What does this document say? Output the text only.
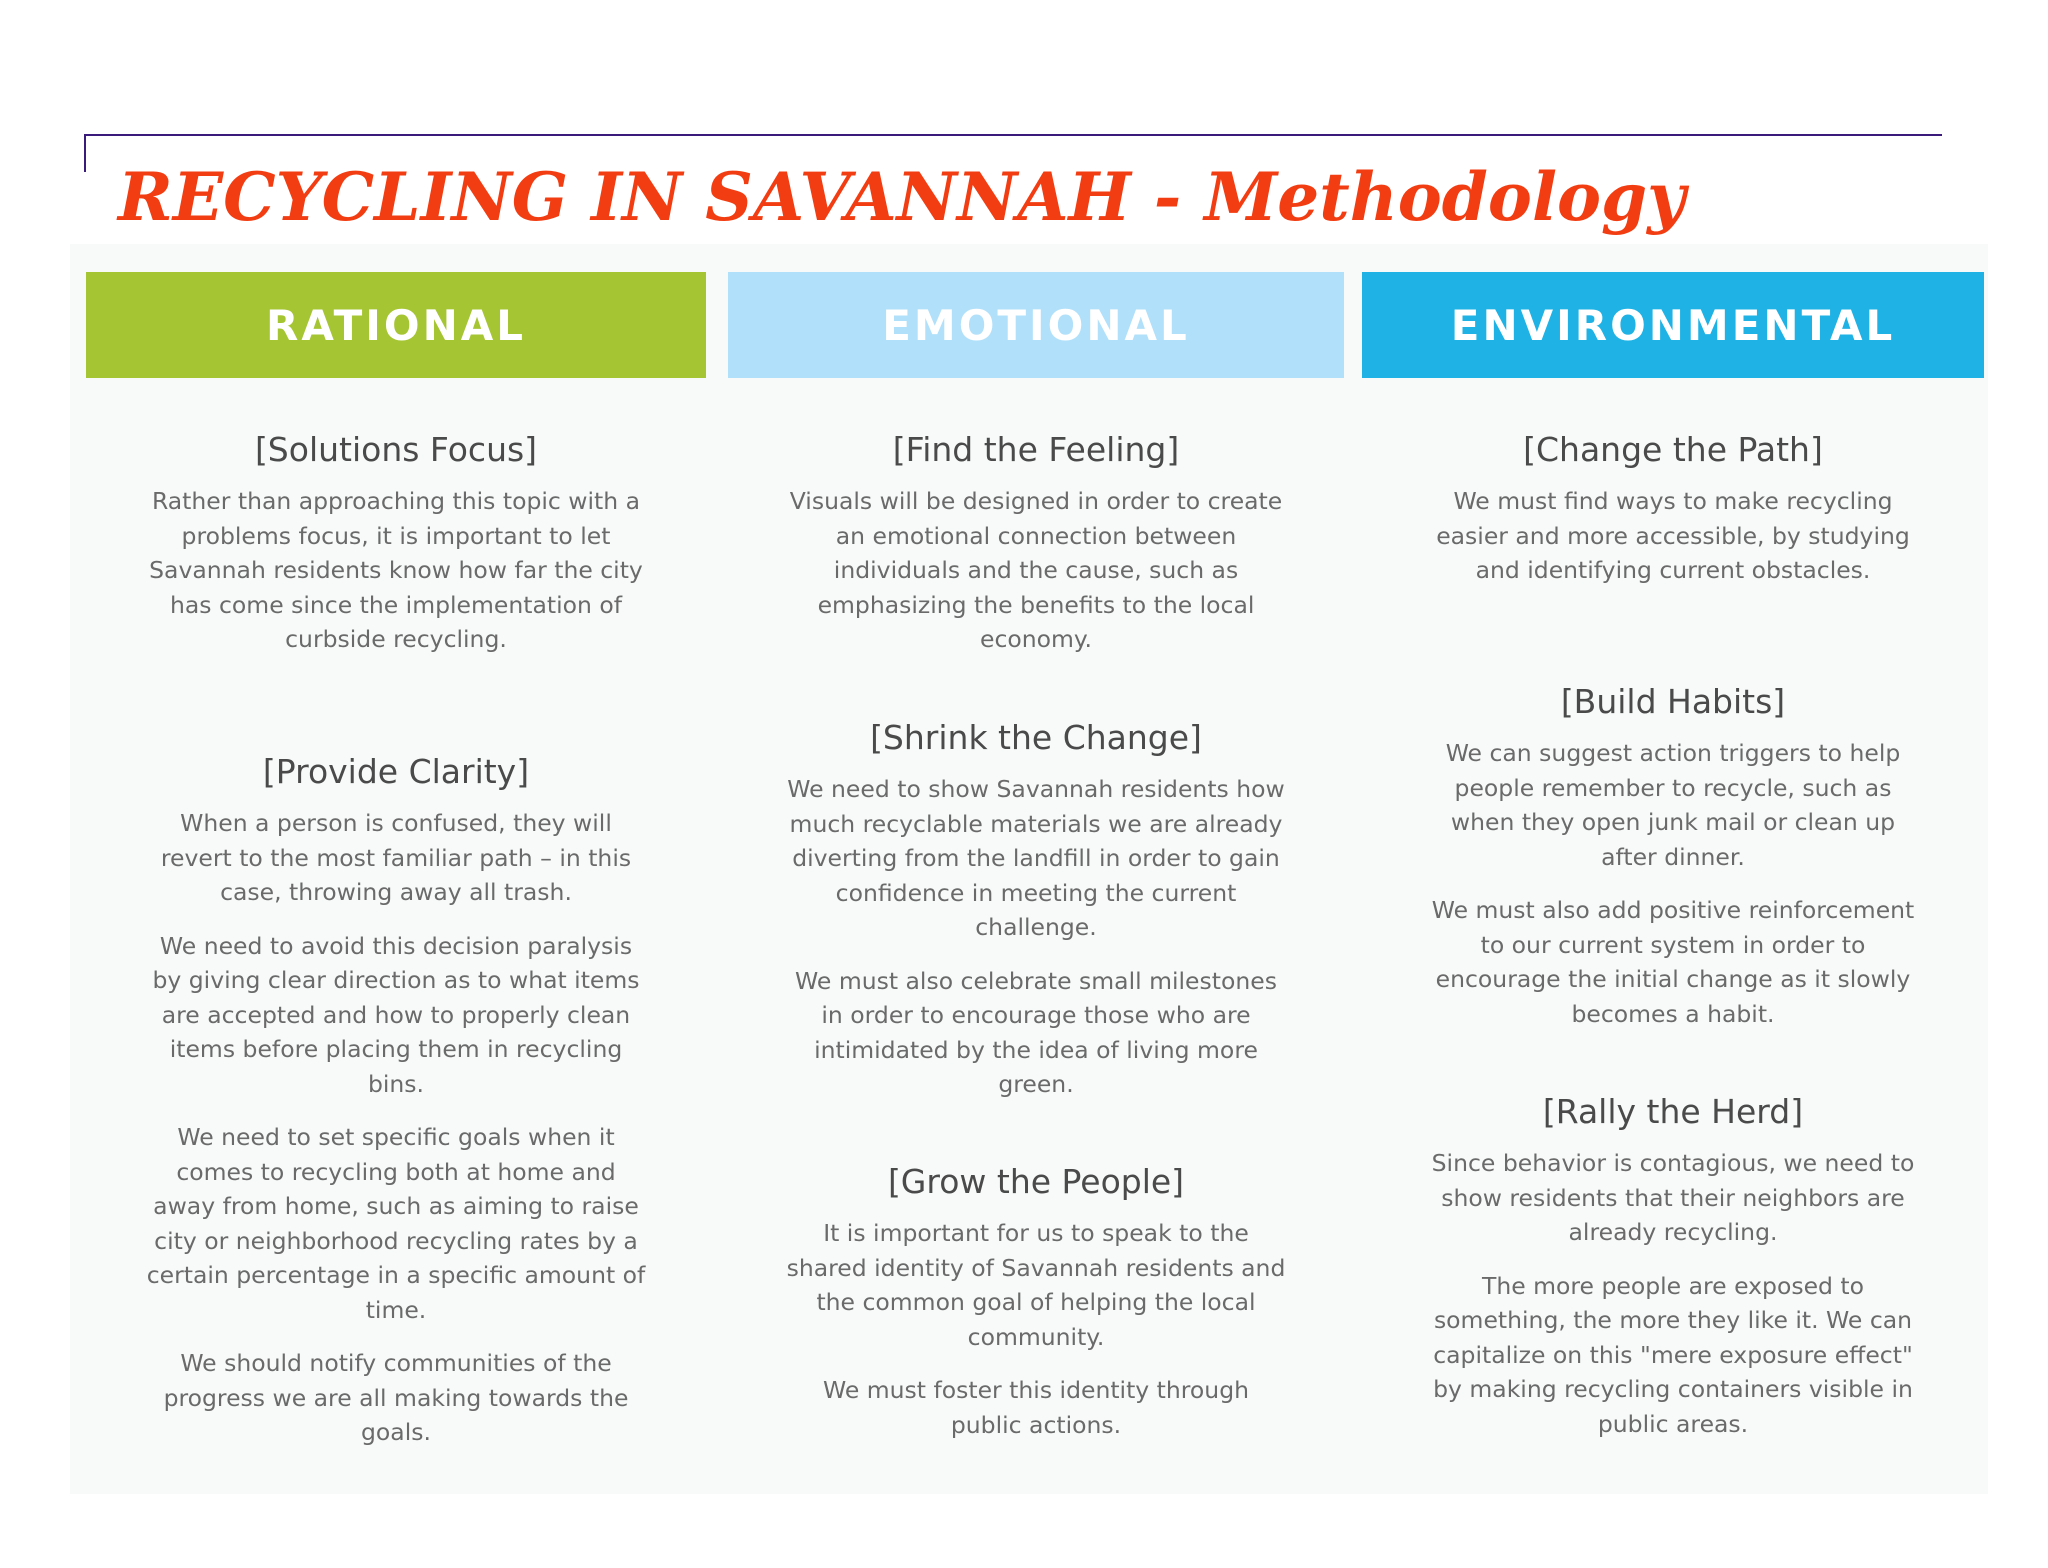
RECYCLING IN SAVANNAH - Methodology
RATIONAL
[Solutions Focus]

Rather than approaching this topic with a problems focus, it is important to let Savannah residents know how far the city has come since the implementation of curbside recycling.

[Provide Clarity]

When a person is confused, they will revert to the most familiar path – in this case, throwing away all trash.

We need to avoid this decision paralysis by giving clear direction as to what items are accepted and how to properly clean items before placing them in recycling bins.

We need to set specific goals when it comes to recycling both at home and away from home, such as aiming to raise city or neighborhood recycling rates by a certain percentage in a specific amount of time.

We should notify communities of the progress we are all making towards the goals.

EMOTIONAL
[Find the Feeling]

Visuals will be designed in order to create an emotional connection between individuals and the cause, such as emphasizing the benefits to the local economy.

[Shrink the Change]

We need to show Savannah residents how much recyclable materials we are already diverting from the landfill in order to gain confidence in meeting the current challenge.

We must also celebrate small milestones in order to encourage those who are intimidated by the idea of living more green.

[Grow the People]

It is important for us to speak to the shared identity of Savannah residents and the common goal of helping the local community.

We must foster this identity through public actions.

ENVIRONMENTAL
[Change the Path]

We must find ways to make recycling easier and more accessible, by studying and identifying current obstacles.

[Build Habits]

We can suggest action triggers to help people remember to recycle, such as when they open junk mail or clean up after dinner.

We must also add positive reinforcement to our current system in order to encourage the initial change as it slowly becomes a habit.

[Rally the Herd]

Since behavior is contagious, we need to show residents that their neighbors are already recycling.

The more people are exposed to something, the more they like it. We can capitalize on this "mere exposure effect" by making recycling containers visible in public areas.
